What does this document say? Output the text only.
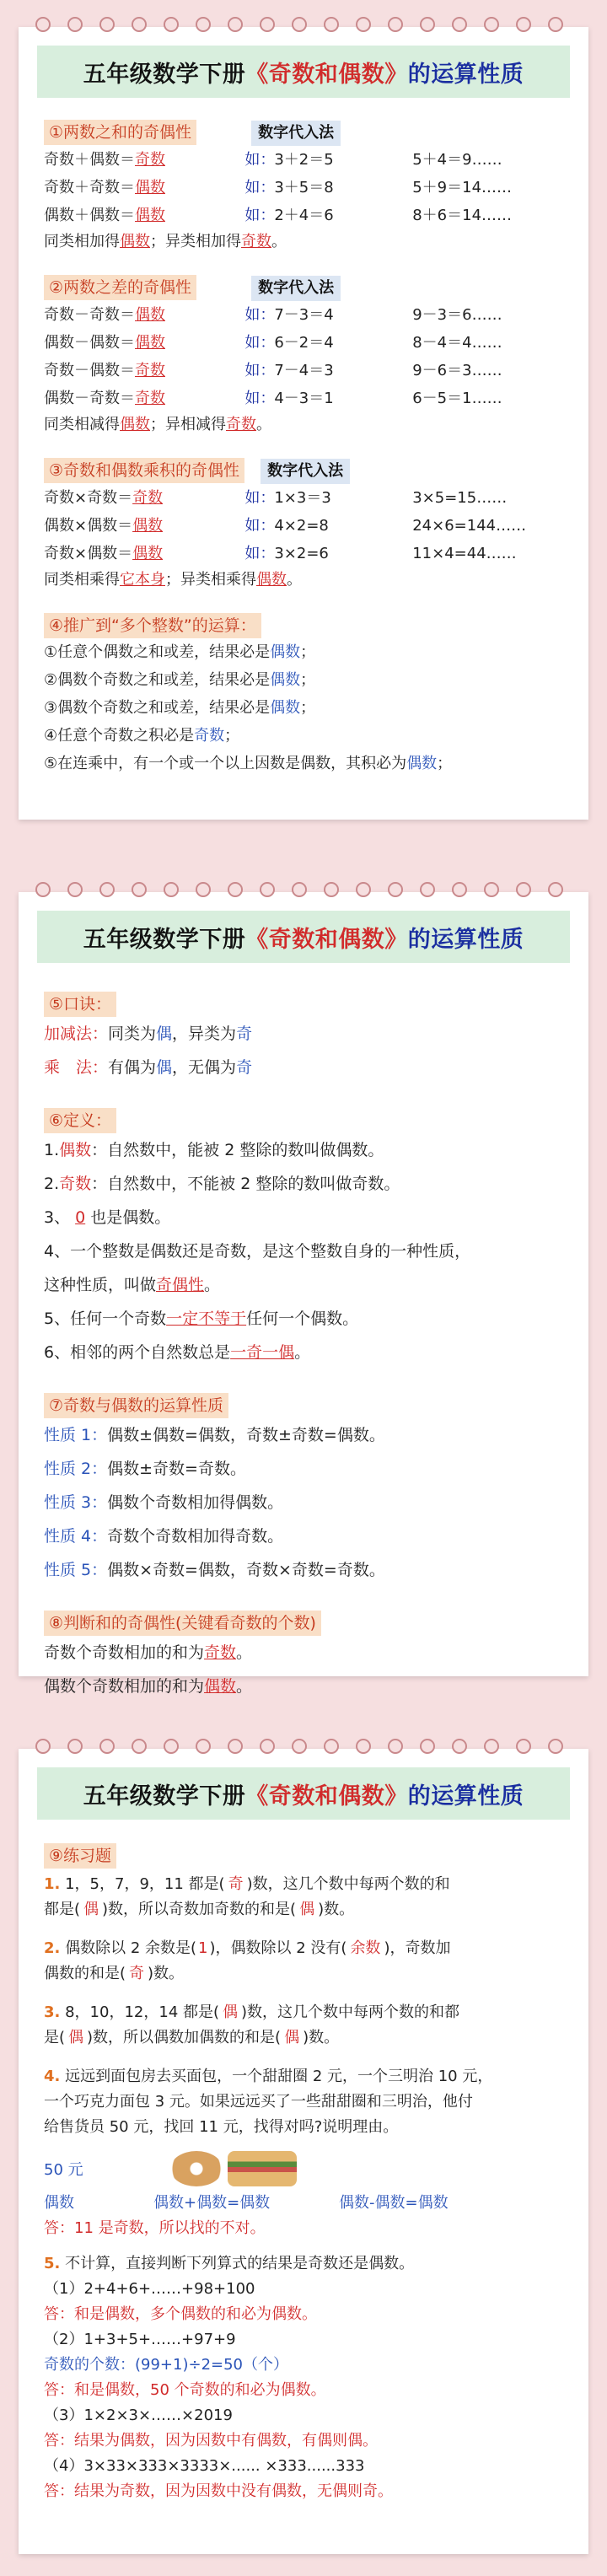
五年级数学下册 《奇数和偶数》 的运算性质
①两数之和的奇偶性	数字代入法
奇数＋偶数＝奇数	如： 3＋2＝5	5＋4＝9……
奇数＋奇数＝偶数	如： 3＋5＝8	5＋9＝14……
偶数＋偶数＝偶数	如： 2＋4＝6	8＋6＝14……
同类相加得偶数；异类相加得奇数。
②两数之差的奇偶性	数字代入法
奇数－奇数＝偶数	如： 7－3＝4	9－3＝6……
偶数－偶数＝偶数	如： 6－2＝4	8－4＝4……
奇数－偶数＝奇数	如： 7－4＝3	9－6＝3……
偶数－奇数＝奇数	如： 4－3＝1	6－5＝1……
同类相减得偶数；异相减得奇数。
③奇数和偶数乘积的奇偶性 数字代入法
奇数×奇数＝奇数	如： 1×3＝3	3×5=15……
偶数×偶数＝偶数	如： 4×2=8	24×6=144……
奇数×偶数＝偶数	如： 3×2=6	11×4=44……
同类相乘得它本身；异类相乘得偶数。
④推广到“多个整数”的运算：
①任意个偶数之和或差，结果必是偶数；
②偶数个奇数之和或差，结果必是偶数；
③偶数个奇数之和或差，结果必是偶数；
④任意个奇数之积必是奇数；
⑤在连乘中，有一个或一个以上因数是偶数，其积必为偶数；
五年级数学下册 《奇数和偶数》 的运算性质
⑤口诀：
加减法：同类为偶，异类为奇
乘　法：有偶为偶，无偶为奇
⑥定义：
1.偶数：自然数中，能被 2 整除的数叫做偶数。
2.奇数：自然数中，不能被 2 整除的数叫做奇数。
3、 0 也是偶数。
4、一个整数是偶数还是奇数，是这个整数自身的一种性质，
这种性质，叫做奇偶性。
5、任何一个奇数一定不等于任何一个偶数。
6、相邻的两个自然数总是一奇一偶。
⑦奇数与偶数的运算性质
性质 1：偶数±偶数=偶数，奇数±奇数=偶数。
性质 2：偶数±奇数=奇数。
性质 3：偶数个奇数相加得偶数。
性质 4：奇数个奇数相加得奇数。
性质 5：偶数×奇数=偶数，奇数×奇数=奇数。
⑧判断和的奇偶性(关键看奇数的个数)
奇数个奇数相加的和为奇数。
偶数个奇数相加的和为偶数。
五年级数学下册 《奇数和偶数》 的运算性质
⑨练习题
1. 1，5，7，9，11 都是( 奇 )数，这几个数中每两个数的和
都是( 偶 )数，所以奇数加奇数的和是( 偶 )数。
2. 偶数除以 2 余数是( 1 )，偶数除以 2 没有( 余数 )，奇数加
偶数的和是( 奇 )数。
3. 8，10，12，14 都是( 偶 )数，这几个数中每两个数的和都
是( 偶 )数，所以偶数加偶数的和是( 偶 )数。
4. 远远到面包房去买面包，一个甜甜圈 2 元，一个三明治 10 元，
一个巧克力面包 3 元。如果远远买了一些甜甜圈和三明治，他付
给售货员 50 元，找回 11 元，找得对吗?说明理由。
50 元
偶数	偶数+偶数=偶数	偶数-偶数=偶数
答：11 是奇数，所以找的不对。
5. 不计算，直接判断下列算式的结果是奇数还是偶数。
（1）2+4+6+……+98+100
答：和是偶数，多个偶数的和必为偶数。
（2）1+3+5+……+97+9
奇数的个数：(99+1)÷2=50（个）
答：和是偶数，50 个奇数的和必为偶数。
（3）1×2×3×……×2019
答：结果为偶数，因为因数中有偶数，有偶则偶。
（4）3×33×333×3333×...... ×333......333
答：结果为奇数，因为因数中没有偶数，无偶则奇。
